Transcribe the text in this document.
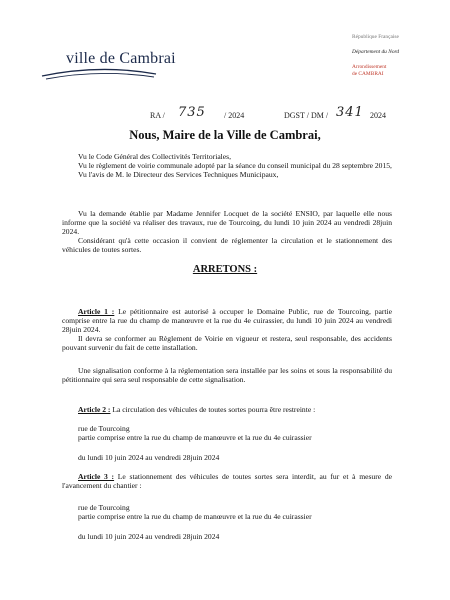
ville de Cambrai
République Française
Département du Nord
Arrondissement
de CAMBRAI
RA / 735 / 2024	DGST / DM / 341 2024
Nous, Maire de la Ville de Cambrai,

Vu le Code Général des Collectivités Territoriales,

Vu le règlement de voirie communale adopté par la séance du conseil municipal du 28 septembre 2015,

Vu l'avis de M. le Directeur des Services Techniques Municipaux,

Vu la demande établie par Madame Jennifer Locquet de la société ENSIO, par laquelle elle nous informe que la société va réaliser des travaux, rue de Tourcoing, du lundi 10 juin 2024 au vendredi 28juin 2024.

Considérant qu'à cette occasion il convient de réglementer la circulation et le stationnement des véhicules de toutes sortes.

ARRETONS :

Article 1 : Le pétitionnaire est autorisé à occuper le Domaine Public, rue de Tourcoing, partie comprise entre la rue du champ de manœuvre et la rue du 4e cuirassier, du lundi 10 juin 2024 au vendredi 28juin 2024.

Il devra se conformer au Règlement de Voirie en vigueur et restera, seul responsable, des accidents pouvant survenir du fait de cette installation.

Une signalisation conforme à la réglementation sera installée par les soins et sous la responsabilité du pétitionnaire qui sera seul responsable de cette signalisation.

Article 2 : La circulation des véhicules de toutes sortes pourra être restreinte :

rue de Tourcoing

partie comprise entre la rue du champ de manœuvre et la rue du 4e cuirassier

du lundi 10 juin 2024 au vendredi 28juin 2024

Article 3 : Le stationnement des véhicules de toutes sortes sera interdit, au fur et à mesure de l'avancement du chantier :

rue de Tourcoing

partie comprise entre la rue du champ de manœuvre et la rue du 4e cuirassier

du lundi 10 juin 2024 au vendredi 28juin 2024
